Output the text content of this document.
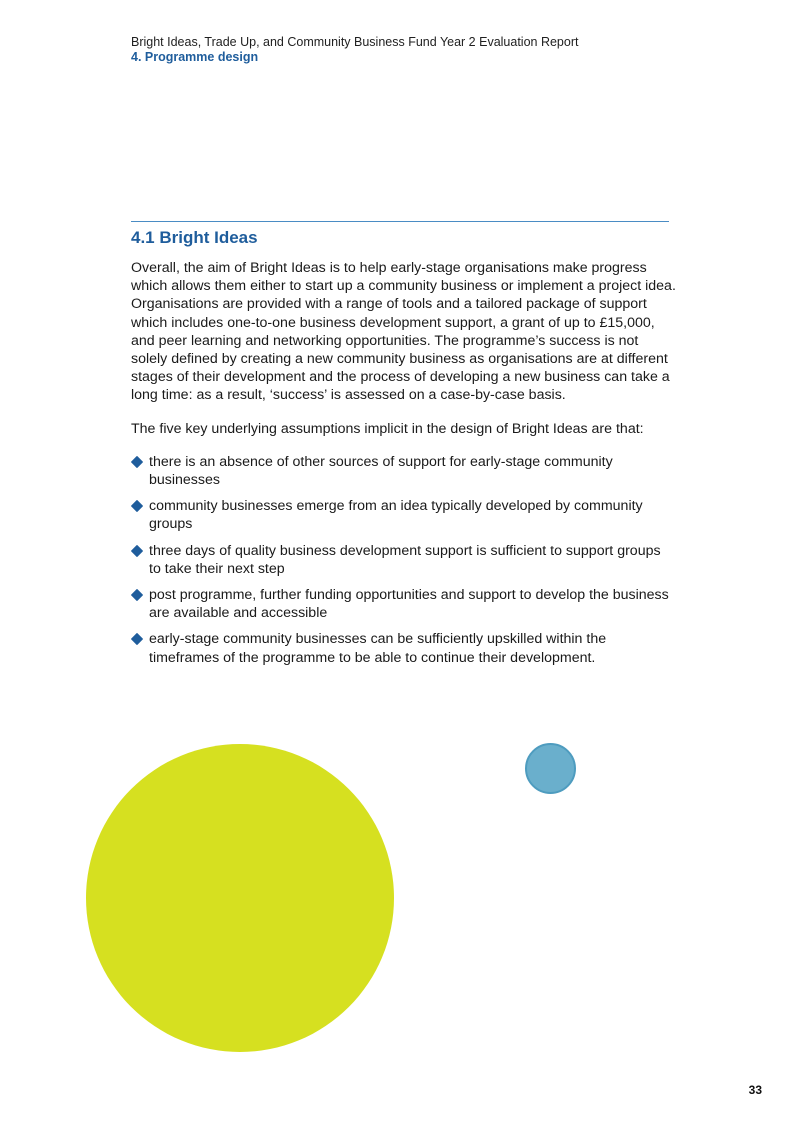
Bright Ideas, Trade Up, and Community Business Fund Year 2 Evaluation Report
4. Programme design
4.1 Bright Ideas

Overall, the aim of Bright Ideas is to help early-stage organisations make progress which allows them either to start up a community business or implement a project idea. Organisations are provided with a range of tools and a tailored package of support which includes one-to-one business development support, a grant of up to £15,000, and peer learning and networking opportunities. The programme’s success is not solely defined by creating a new community business as organisations are at different stages of their development and the process of developing a new business can take a long time: as a result, ‘success’ is assessed on a case-by-case basis.

The five key underlying assumptions implicit in the design of Bright Ideas are that:

there is an absence of other sources of support for early-stage community businesses
community businesses emerge from an idea typically developed by community groups
three days of quality business development support is sufficient to support groups to take their next step
post programme, further funding opportunities and support to develop the business are available and accessible
early-stage community businesses can be sufficiently upskilled within the timeframes of the programme to be able to continue their development.
33
